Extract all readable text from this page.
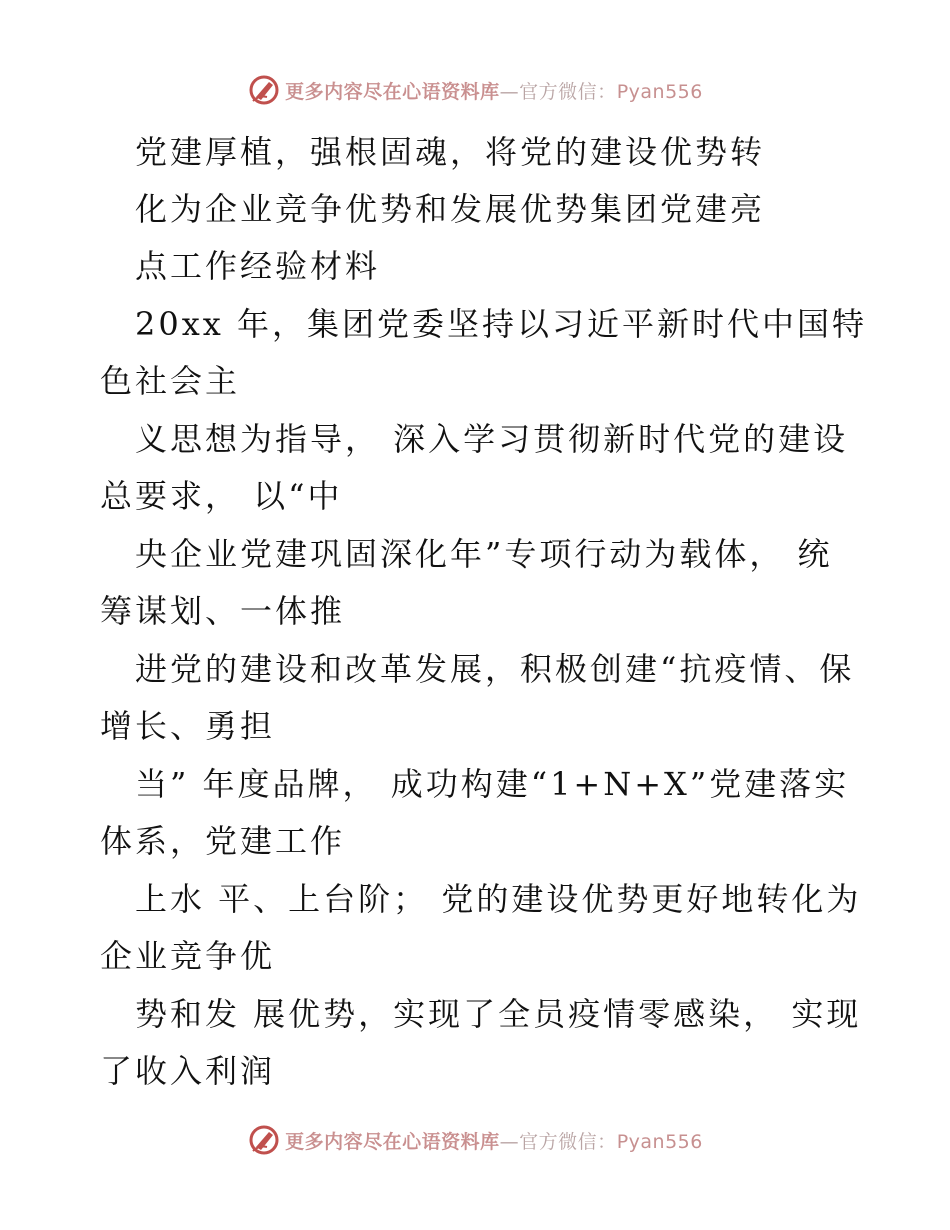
更多内容尽在心语资料库—官方微信：Pyan556
党建厚植，强根固魂，将党的建设优势转
化为企业竞争优势和发展优势集团党建亮
点工作经验材料
20xx 年，集团党委坚持以习近平新时代中国特
色社会主
义思想为指导， 深入学习贯彻新时代党的建设
总要求， 以“中
央企业党建巩固深化年”专项行动为载体， 统
筹谋划、一体推
进党的建设和改革发展，积极创建“抗疫情、保
增长、勇担
当” 年度品牌， 成功构建“1+N+X”党建落实
体系，党建工作
上水 平、上台阶； 党的建设优势更好地转化为
企业竞争优
势和发 展优势，实现了全员疫情零感染， 实现
了收入利润
更多内容尽在心语资料库—官方微信：Pyan556
